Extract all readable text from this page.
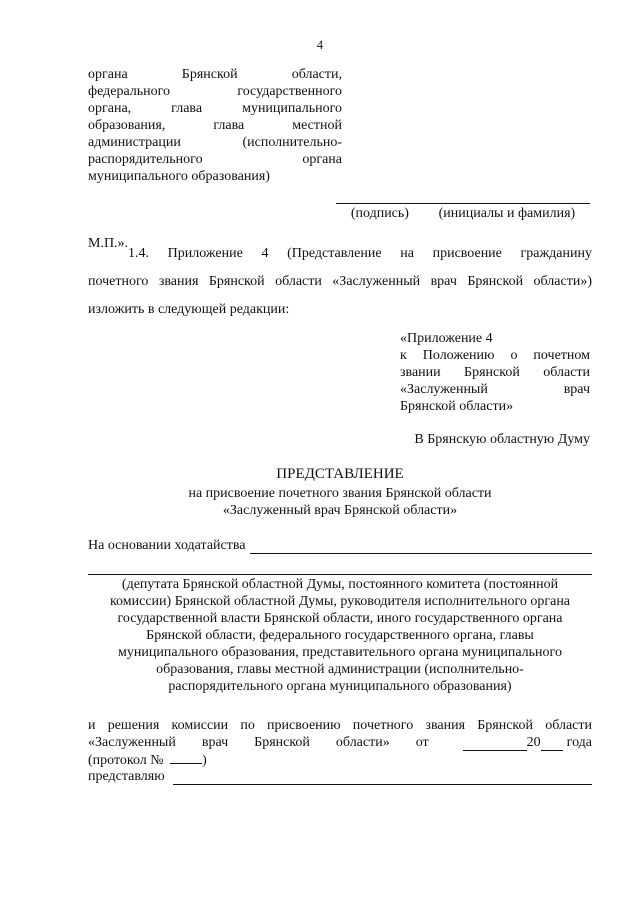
4
органа Брянской области,
федерального государственного
органа, глава муниципального
образования, глава местной
администрации (исполнительно-
распорядительного органа
муниципального образования)
(подпись) (инициалы и фамилия)
М.П.».
1.4. Приложение 4 (Представление на присвоение гражданину
почетного звания Брянской области «Заслуженный врач Брянской области»)
изложить в следующей редакции:
«Приложение 4
к Положению о почетном
звании Брянской области
«Заслуженный врач
Брянской области»
В Брянскую областную Думу
ПРЕДСТАВЛЕНИЕ
на присвоение почетного звания Брянской области
«Заслуженный врач Брянской области»
На основании ходатайства
(депутата Брянской областной Думы, постоянного комитета (постоянной
комиссии) Брянской областной Думы, руководителя исполнительного органа
государственной власти Брянской области, иного государственного органа
Брянской области, федерального государственного органа, главы
муниципального образования, представительного органа муниципального
образования, главы местной администрации (исполнительно-
распорядительного органа муниципального образования)
и решения комиссии по присвоению почетного звания Брянской области
«Заслуженный врач Брянской области» от	20 года
(протокол №	)
представляю
